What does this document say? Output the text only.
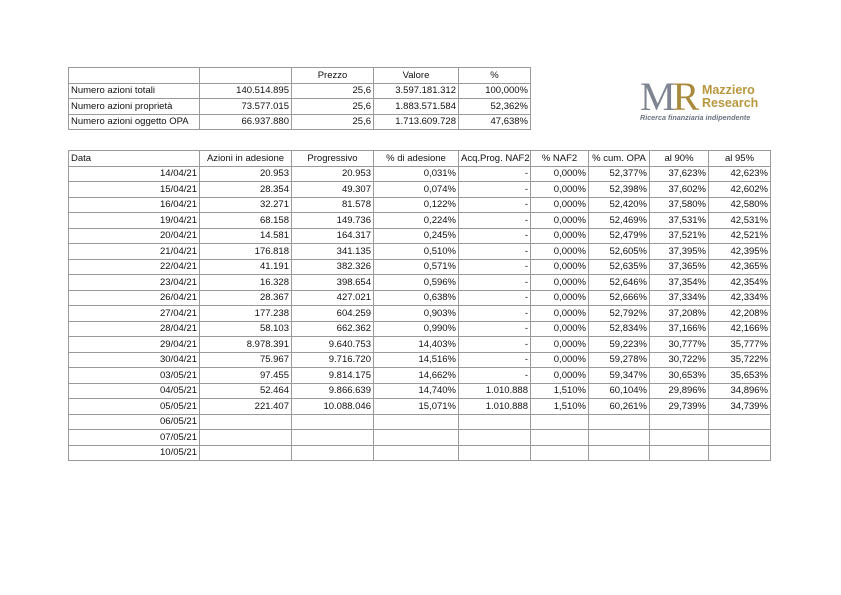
		Prezzo	Valore	%
Numero azioni totali	140.514.895	25,6	3.597.181.312	100,000%
Numero azioni proprietà	73.577.015	25,6	1.883.571.584	52,362%
Numero azioni oggetto OPA	66.937.880	25,6	1.713.609.728	47,638%
MR Mazziero
Research
Ricerca finanziaria indipendente
Data	Azioni in adesione	Progressivo	% di adesione	Acq.Prog. NAF2	% NAF2	% cum. OPA	al 90%	al 95%
14/04/21	20.953	20.953	0,031%	-	0,000%	52,377%	37,623%	42,623%
15/04/21	28.354	49.307	0,074%	-	0,000%	52,398%	37,602%	42,602%
16/04/21	32.271	81.578	0,122%	-	0,000%	52,420%	37,580%	42,580%
19/04/21	68.158	149.736	0,224%	-	0,000%	52,469%	37,531%	42,531%
20/04/21	14.581	164.317	0,245%	-	0,000%	52,479%	37,521%	42,521%
21/04/21	176.818	341.135	0,510%	-	0,000%	52,605%	37,395%	42,395%
22/04/21	41.191	382.326	0,571%	-	0,000%	52,635%	37,365%	42,365%
23/04/21	16.328	398.654	0,596%	-	0,000%	52,646%	37,354%	42,354%
26/04/21	28.367	427.021	0,638%	-	0,000%	52,666%	37,334%	42,334%
27/04/21	177.238	604.259	0,903%	-	0,000%	52,792%	37,208%	42,208%
28/04/21	58.103	662.362	0,990%	-	0,000%	52,834%	37,166%	42,166%
29/04/21	8.978.391	9.640.753	14,403%	-	0,000%	59,223%	30,777%	35,777%
30/04/21	75.967	9.716.720	14,516%	-	0,000%	59,278%	30,722%	35,722%
03/05/21	97.455	9.814.175	14,662%	-	0,000%	59,347%	30,653%	35,653%
04/05/21	52.464	9.866.639	14,740%	1.010.888	1,510%	60,104%	29,896%	34,896%
05/05/21	221.407	10.088.046	15,071%	1.010.888	1,510%	60,261%	29,739%	34,739%
06/05/21								
07/05/21								
10/05/21								
